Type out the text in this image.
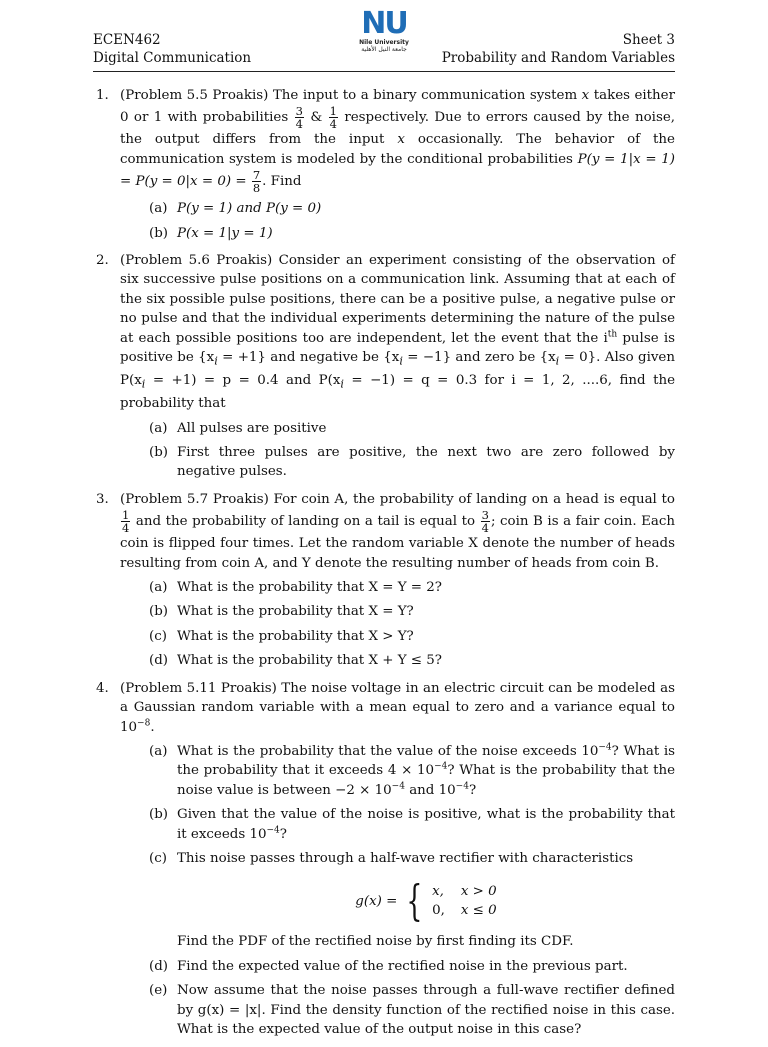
ECEN462
Digital Communication
NU
Nile University
جامعة النيل الأهلية
Sheet 3
Probability and Random Variables
1. (Problem 5.5 Proakis) The input to a binary communication system x takes either 0 or 1 with probabilities $\frac{3}{4}$ & $\frac{1}{4}$ respectively. Due to errors caused by the noise, the output differs from the input x occasionally. The behavior of the communication system is modeled by the conditional probabilities $P(y = 1|x = 1) = P(y = 0|x = 0) = \frac{7}{8}$ . Find
(a) P(y = 1) and P(y = 0)
(b) P(x = 1|y = 1)
2. (Problem 5.6 Proakis) Consider an experiment consisting of the observation of six successive pulse positions on a communication link. Assuming that at each of the six possible pulse positions, there can be a positive pulse, a negative pulse or no pulse and that the individual experiments determining the nature of the pulse at each possible positions too are independent, let the event that the $i^{th}$ pulse is positive be $\{x_i = +1\}$ and negative be $\{x_i = -1\}$ and zero be $\{x_i = 0\}$. Also given $P(x_i = +1) = p = 0.4$ and $P(x_i = -1) = q = 0.3$ for i = 1, 2, ....6, find the probability that
(a) All pulses are positive
(b) First three pulses are positive, the next two are zero followed by negative pulses.
3. (Problem 5.7 Proakis) For coin A, the probability of landing on a head is equal to
$\frac{1}{4}$ and the probability of landing on a tail is equal to $\frac{3}{4}$ ; coin B is a fair coin. Each coin is flipped four times. Let the random variable X denote the number of heads resulting from coin A, and Y denote the resulting number of heads from coin B.
(a) What is the probability that X = Y = 2?
(b) What is the probability that X = Y?
(c) What is the probability that X > Y?
(d) What is the probability that X + Y ≤ 5?
4. (Problem 5.11 Proakis) The noise voltage in an electric circuit can be modeled as a Gaussian random variable with a mean equal to zero and a variance equal to $10^{-8}$.
(a) What is the probability that the value of the noise exceeds $10^{-4}$? What is the probability that it exceeds $4 \times 10^{-4}$? What is the probability that the noise value is between $-2 \times 10^{-4}$ and $10^{-4}$?
(b) Given that the value of the noise is positive, what is the probability that it exceeds $10^{-4}$?
(c) This noise passes through a half-wave rectifier with characteristics
g(x) = { x, x > 0
0, x ≤ 0
Find the PDF of the rectified noise by first finding its CDF.
(d) Find the expected value of the rectified noise in the previous part.
(e) Now assume that the noise passes through a full-wave rectifier defined by g(x) = |x|. Find the density function of the rectified noise in this case. What is the expected value of the output noise in this case?
